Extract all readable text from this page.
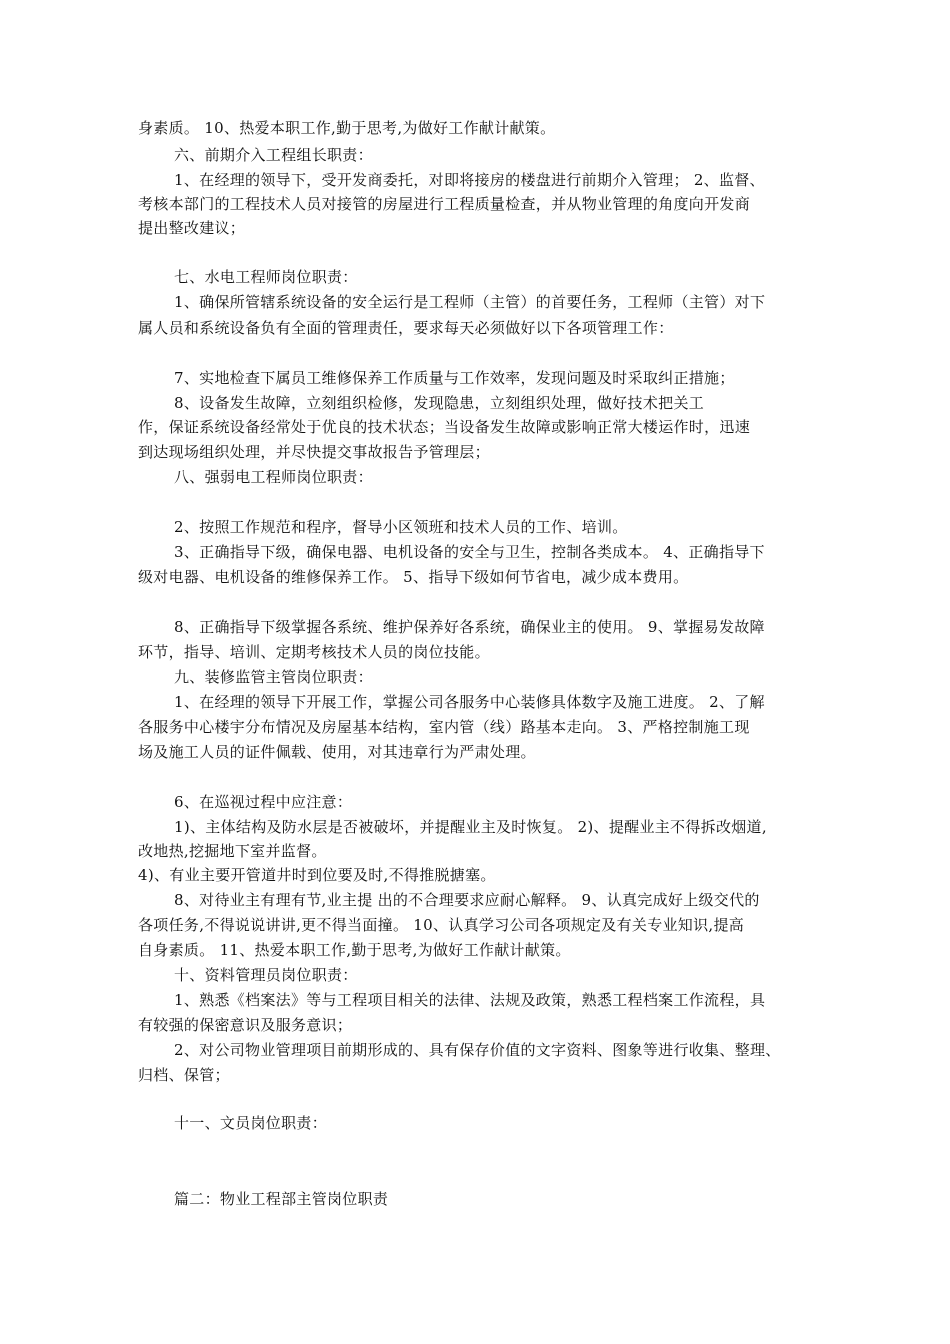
身素质。 10、热爱本职工作,勤于思考,为做好工作献计献策。
六、前期介入工程组长职责：
1、在经理的领导下，受开发商委托，对即将接房的楼盘进行前期介入管理； 2、监督、
考核本部门的工程技术人员对接管的房屋进行工程质量检查，并从物业管理的角度向开发商
提出整改建议；
七、水电工程师岗位职责：
1、确保所管辖系统设备的安全运行是工程师（主管）的首要任务，工程师（主管）对下
属人员和系统设备负有全面的管理责任，要求每天必须做好以下各项管理工作：
7、实地检查下属员工维修保养工作质量与工作效率，发现问题及时采取纠正措施；
8、设备发生故障，立刻组织检修，发现隐患，立刻组织处理，做好技术把关工
作，保证系统设备经常处于优良的技术状态；当设备发生故障或影响正常大楼运作时，迅速
到达现场组织处理，并尽快提交事故报告予管理层；
八、强弱电工程师岗位职责：
2、按照工作规范和程序，督导小区领班和技术人员的工作、培训。
3、正确指导下级，确保电器、电机设备的安全与卫生，控制各类成本。 4、正确指导下
级对电器、电机设备的维修保养工作。 5、指导下级如何节省电，减少成本费用。
8、正确指导下级掌握各系统、维护保养好各系统，确保业主的使用。 9、掌握易发故障
环节，指导、培训、定期考核技术人员的岗位技能。
九、装修监管主管岗位职责：
1、在经理的领导下开展工作，掌握公司各服务中心装修具体数字及施工进度。 2、了解
各服务中心楼宇分布情况及房屋基本结构，室内管（线）路基本走向。 3、严格控制施工现
场及施工人员的证件佩载、使用，对其违章行为严肃处理。
6、在巡视过程中应注意：
1)、主体结构及防水层是否被破坏，并提醒业主及时恢复。 2)、提醒业主不得拆改烟道,
改地热,挖掘地下室并监督。
4)、有业主要开管道井时到位要及时,不得推脱搪塞。
8、对待业主有理有节,业主提 出的不合理要求应耐心解释。 9、认真完成好上级交代的
各项任务,不得说说讲讲,更不得当面撞。 10、认真学习公司各项规定及有关专业知识,提高
自身素质。 11、热爱本职工作,勤于思考,为做好工作献计献策。
十、资料管理员岗位职责：
1、熟悉《档案法》等与工程项目相关的法律、法规及政策，熟悉工程档案工作流程，具
有较强的保密意识及服务意识；
2、对公司物业管理项目前期形成的、具有保存价值的文字资料、图象等进行收集、整理、
归档、保管；
十一、文员岗位职责：
篇二：物业工程部主管岗位职责
